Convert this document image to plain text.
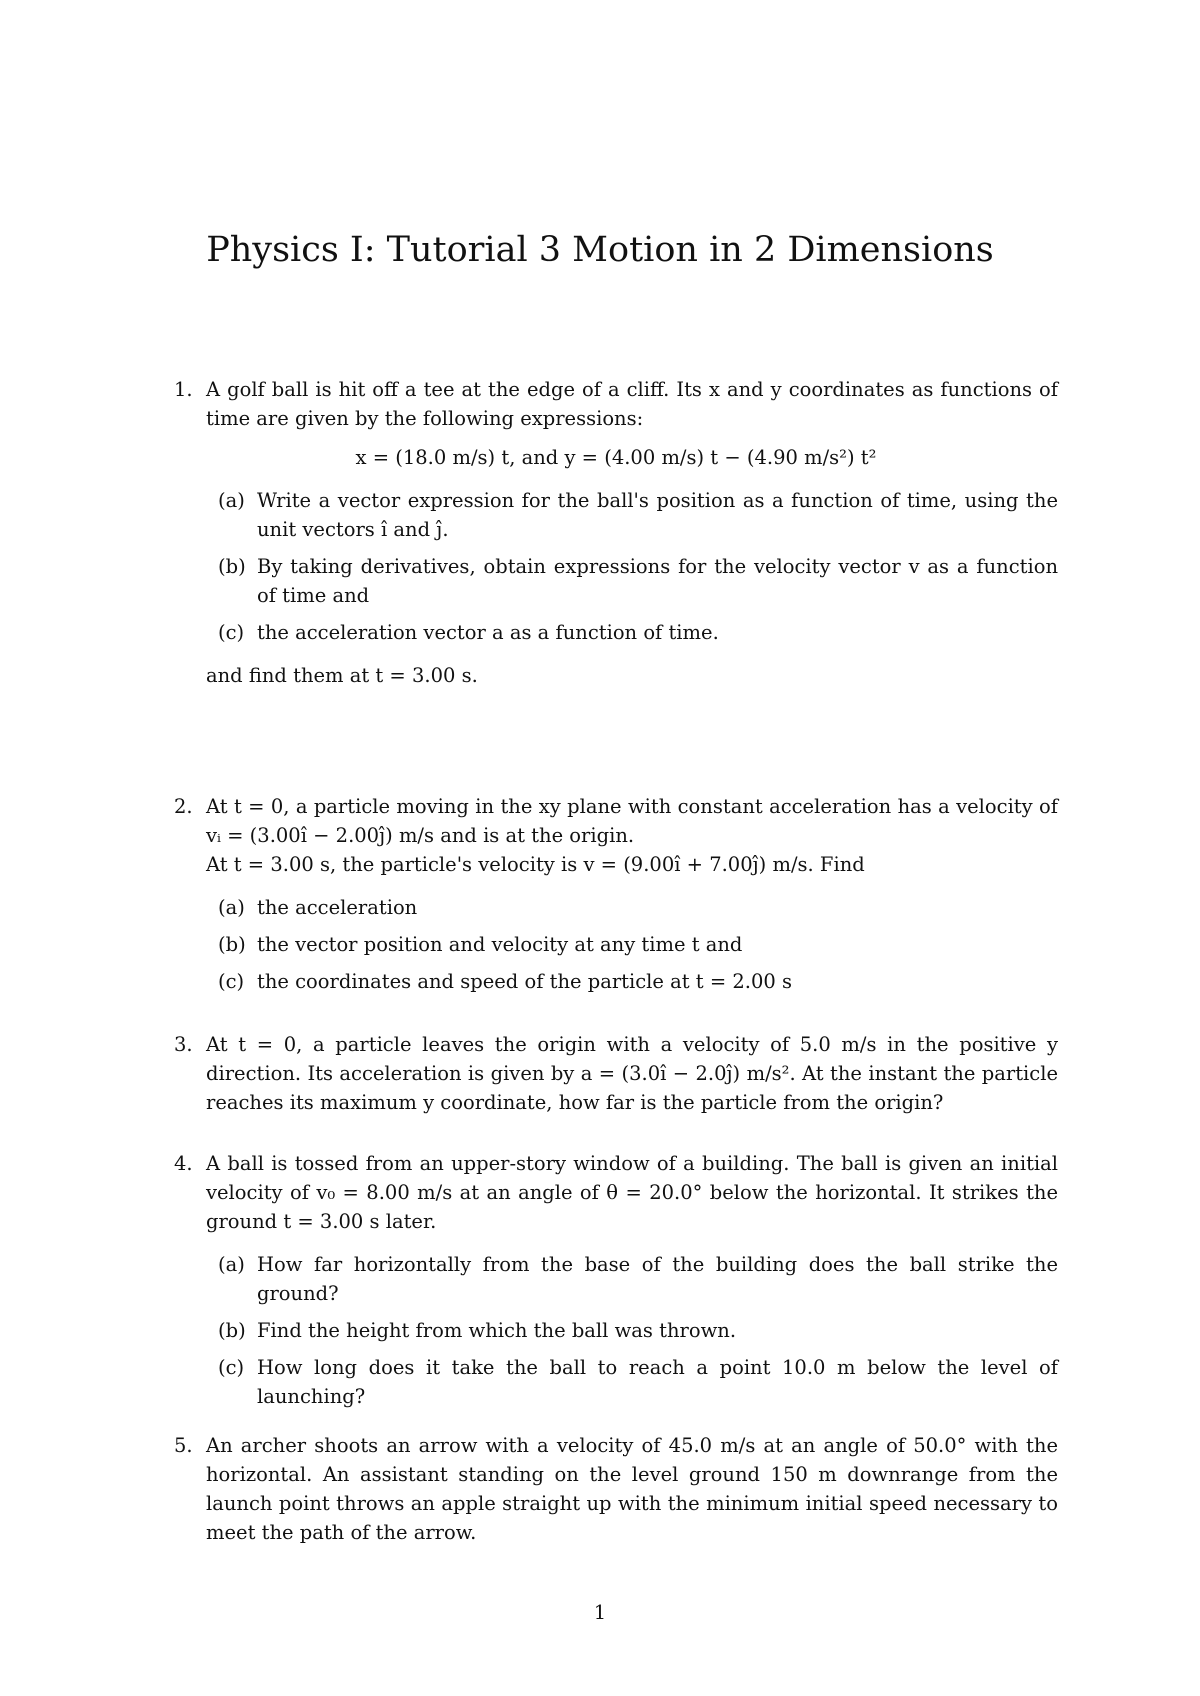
Physics I: Tutorial 3 Motion in 2 Dimensions
1. A golf ball is hit off a tee at the edge of a cliff. Its x and y coordinates as functions of time are given by the following expressions:
x = (18.0 m/s) t, and y = (4.00 m/s) t − (4.90 m/s²) t²
(a) Write a vector expression for the ball's position as a function of time, using the unit vectors î and ĵ.
(b) By taking derivatives, obtain expressions for the velocity vector v as a function of time and
(c) the acceleration vector a as a function of time.
and find them at t = 3.00 s.
2. At t = 0, a particle moving in the xy plane with constant acceleration has a velocity of vᵢ = (3.00î − 2.00ĵ) m/s and is at the origin.
At t = 3.00 s, the particle's velocity is v = (9.00î + 7.00ĵ) m/s. Find
(a) the acceleration
(b) the vector position and velocity at any time t and
(c) the coordinates and speed of the particle at t = 2.00 s
3. At t = 0, a particle leaves the origin with a velocity of 5.0 m/s in the positive y direction. Its acceleration is given by a = (3.0î − 2.0ĵ) m/s². At the instant the particle reaches its maximum y coordinate, how far is the particle from the origin?
4. A ball is tossed from an upper-story window of a building. The ball is given an initial velocity of v₀ = 8.00 m/s at an angle of θ = 20.0° below the horizontal. It strikes the ground t = 3.00 s later.
(a) How far horizontally from the base of the building does the ball strike the ground?
(b) Find the height from which the ball was thrown.
(c) How long does it take the ball to reach a point 10.0 m below the level of launching?
5. An archer shoots an arrow with a velocity of 45.0 m/s at an angle of 50.0° with the horizontal. An assistant standing on the level ground 150 m downrange from the launch point throws an apple straight up with the minimum initial speed necessary to meet the path of the arrow.
1
